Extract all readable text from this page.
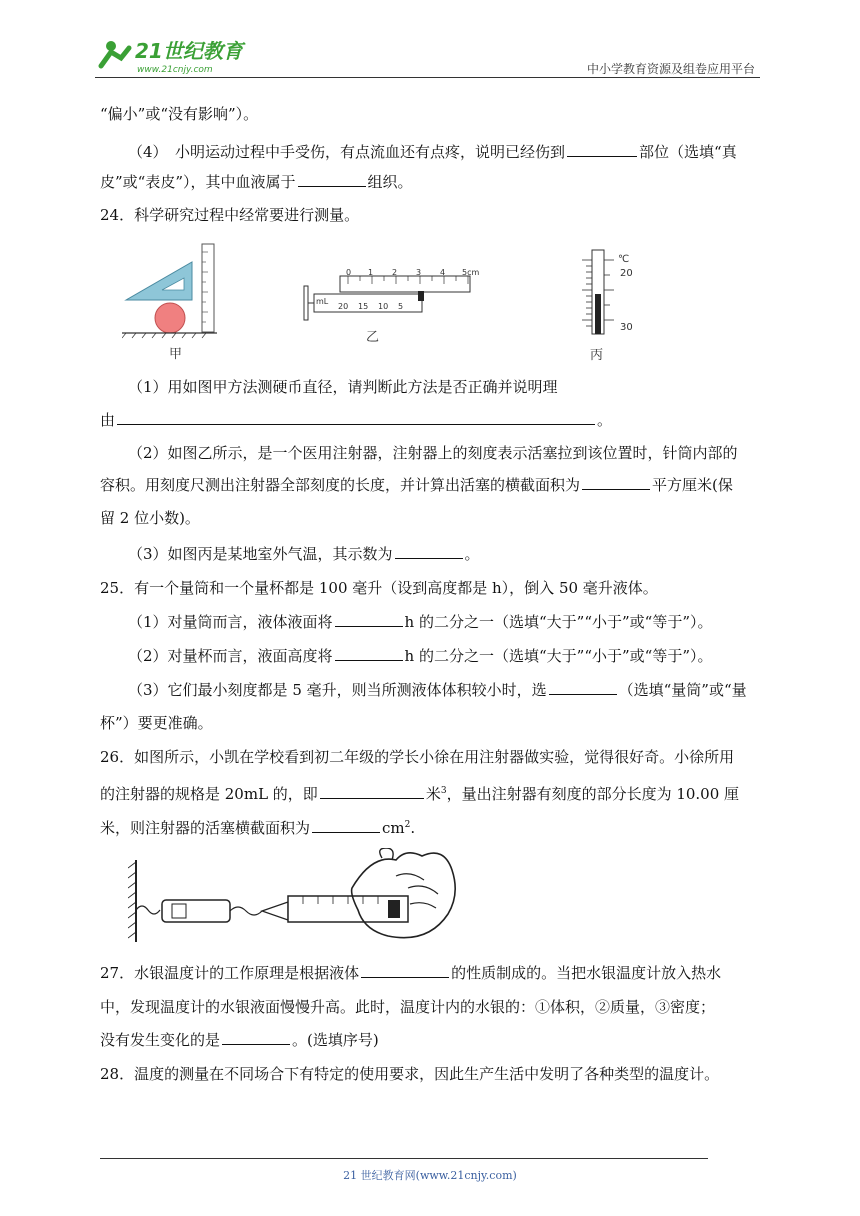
21世纪教育
www.21cnjy.com	中小学教育资源及组卷应用平台
“偏小”或“没有影响”）。
（4）　小明运动过程中手受伤，有点流血还有点疼，说明已经伤到	部位（选填“真
皮”或“表皮”），其中血液属于	组织。
24．科学研究过程中经常要进行测量。
甲
0 1 2 3 4 5cm
mL
20 15 10 5
乙
℃
20
30
丙
（1）用如图甲方法测硬币直径，请判断此方法是否正确并说明理
由	。
（2）如图乙所示，是一个医用注射器，注射器上的刻度表示活塞拉到该位置时，针筒内部的
容积。用刻度尺测出注射器全部刻度的长度，并计算出活塞的横截面积为	平方厘米(保
留 2 位小数)。
（3）如图丙是某地室外气温，其示数为	。
25．有一个量筒和一个量杯都是 100 毫升（设到高度都是 h），倒入 50 毫升液体。
（1）对量筒而言，液体液面将	h 的二分之一（选填“大于”“小于”或“等于”）。
（2）对量杯而言，液面高度将	h 的二分之一（选填“大于”“小于”或“等于”）。
（3）它们最小刻度都是 5 毫升，则当所测液体体积较小时，选	（选填“量筒”或“量
杯”）要更准确。
26．如图所示，小凯在学校看到初二年级的学长小徐在用注射器做实验，觉得很好奇。小徐所用
的注射器的规格是 20mL 的，即	米$^3$，量出注射器有刻度的部分长度为 10.00 厘
米，则注射器的活塞横截面积为	$cm^2$.
27．水银温度计的工作原理是根据液体	的性质制成的。当把水银温度计放入热水
中，发现温度计的水银液面慢慢升高。此时，温度计内的水银的：①体积，②质量，③密度；
没有发生变化的是	。(选填序号)
28．温度的测量在不同场合下有特定的使用要求，因此生产生活中发明了各种类型的温度计。
21 世纪教育网(www.21cnjy.com)
